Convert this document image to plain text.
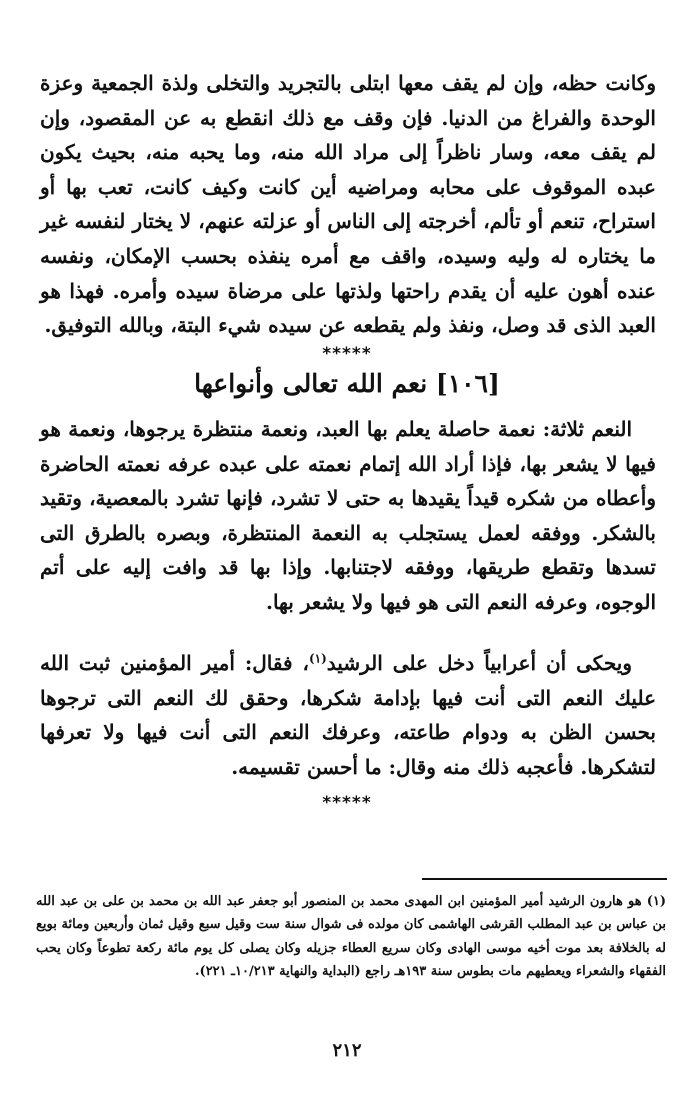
وكانت حظه، وإن لم يقف معها ابتلى بالتجريد والتخلى ولذة الجمعية وعزة الوحدة والفراغ من الدنيا. فإن وقف مع ذلك انقطع به عن المقصود، وإن لم يقف معه، وسار ناظراً إلى مراد الله منه، وما يحبه منه، بحيث يكون عبده الموقوف على محابه ومراضيه أين كانت وكيف كانت، تعب بها أو استراح، تنعم أو تألم، أخرجته إلى الناس أو عزلته عنهم، لا يختار لنفسه غير ما يختاره له وليه وسيده، واقف مع أمره ينفذه بحسب الإمكان، ونفسه عنده أهون عليه أن يقدم راحتها ولذتها على مرضاة سيده وأمره. فهذا هو العبد الذى قد وصل، ونفذ ولم يقطعه عن سيده شيء البتة، وبالله التوفيق.

*****
[١٠٦] نعم الله تعالى وأنواعها

النعم ثلاثة: نعمة حاصلة يعلم بها العبد، ونعمة منتظرة يرجوها، ونعمة هو فيها لا يشعر بها، فإذا أراد الله إتمام نعمته على عبده عرفه نعمته الحاضرة وأعطاه من شكره قيداً يقيدها به حتى لا تشرد، فإنها تشرد بالمعصية، وتقيد بالشكر. ووفقه لعمل يستجلب به النعمة المنتظرة، وبصره بالطرق التى تسدها وتقطع طريقها، ووفقه لاجتنابها. وإذا بها قد وافت إليه على أتم الوجوه، وعرفه النعم التى هو فيها ولا يشعر بها.

ويحكى أن أعرابياً دخل على الرشيد$^{(١)}$، فقال: أمير المؤمنين ثبت الله عليك النعم التى أنت فيها بإدامة شكرها، وحقق لك النعم التى ترجوها بحسن الظن به ودوام طاعته، وعرفك النعم التى أنت فيها ولا تعرفها لتشكرها. فأعجبه ذلك منه وقال: ما أحسن تقسيمه.

*****

(١) هو هارون الرشيد أمير المؤمنين ابن المهدى محمد بن المنصور أبو جعفر عبد الله بن محمد بن على بن عبد الله بن عباس بن عبد المطلب القرشى الهاشمى كان مولده فى شوال سنة ست وقيل سبع وقيل ثمان وأربعين ومائة بويع له بالخلافة بعد موت أخيه موسى الهادى وكان سريع العطاء جزيله وكان يصلى كل يوم مائة ركعة تطوعاً وكان يحب الفقهاء والشعراء ويعطيهم مات بطوس سنة ١٩٣هـ راجع (البداية والنهاية ١٠/٢١٣ـ ٢٢١).

٢١٢
